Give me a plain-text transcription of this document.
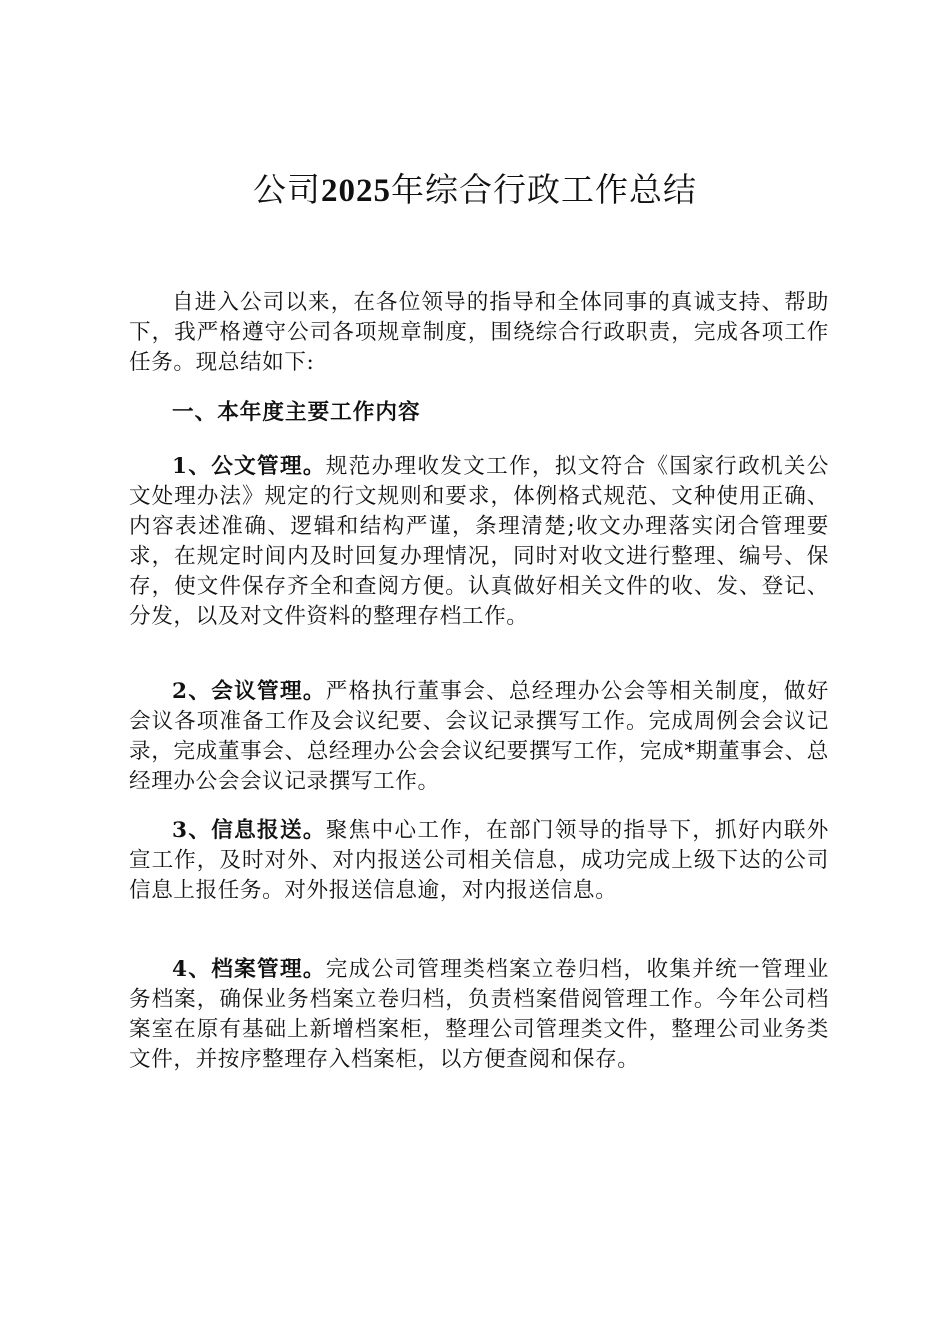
公司2025年综合行政工作总结

自进入公司以来，在各位领导的指导和全体同事的真诚支持、帮助下，我严格遵守公司各项规章制度，围绕综合行政职责，完成各项工作任务。现总结如下:

一、本年度主要工作内容

1、公文管理。规范办理收发文工作，拟文符合《国家行政机关公文处理办法》规定的行文规则和要求，体例格式规范、文种使用正确、内容表述准确、逻辑和结构严谨，条理清楚;收文办理落实闭合管理要求，在规定时间内及时回复办理情况，同时对收文进行整理、编号、保存，使文件保存齐全和查阅方便。认真做好相关文件的收、发、登记、分发，以及对文件资料的整理存档工作。

2、会议管理。严格执行董事会、总经理办公会等相关制度，做好会议各项准备工作及会议纪要、会议记录撰写工作。完成周例会会议记录，完成董事会、总经理办公会会议纪要撰写工作，完成*期董事会、总经理办公会会议记录撰写工作。

3、信息报送。聚焦中心工作，在部门领导的指导下，抓好内联外宣工作，及时对外、对内报送公司相关信息，成功完成上级下达的公司信息上报任务。对外报送信息逾，对内报送信息。

4、档案管理。完成公司管理类档案立卷归档，收集并统一管理业务档案，确保业务档案立卷归档，负责档案借阅管理工作。今年公司档案室在原有基础上新增档案柜，整理公司管理类文件，整理公司业务类文件，并按序整理存入档案柜，以方便查阅和保存。
